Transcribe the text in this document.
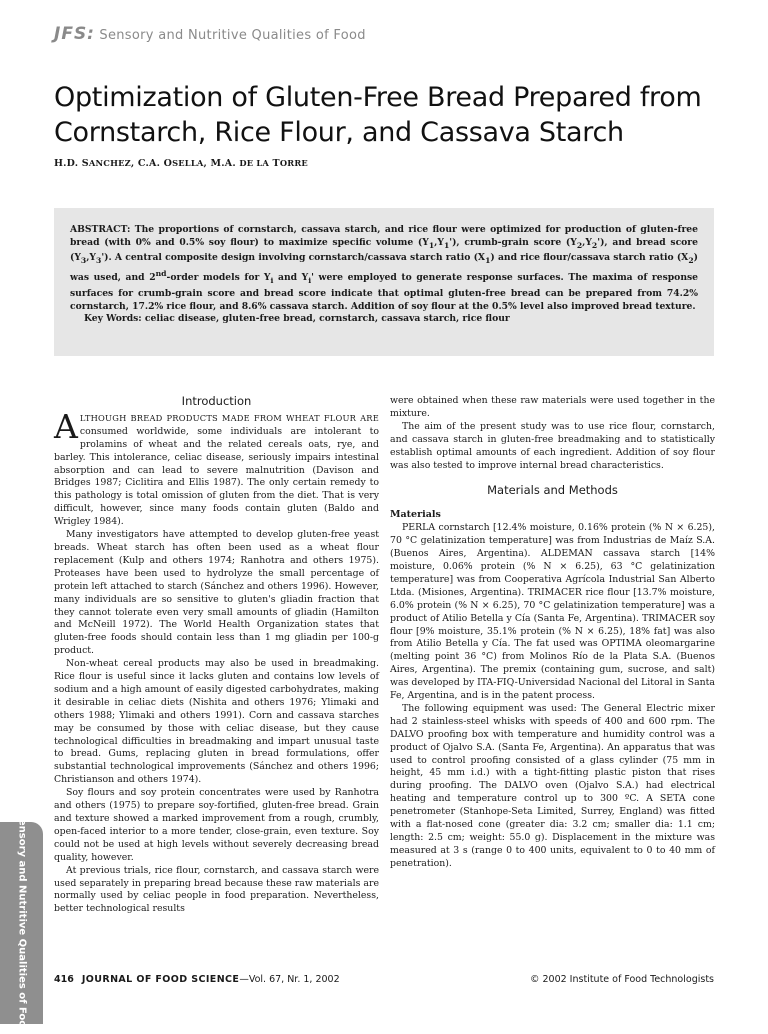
JFS: Sensory and Nutritive Qualities of Food
Optimization of Gluten-Free Bread Prepared from Cornstarch, Rice Flour, and Cassava Starch
H.D. SANCHEZ, C.A. OSELLA, M.A. DE LA TORRE

ABSTRACT: The proportions of cornstarch, cassava starch, and rice flour were optimized for production of gluten-free bread (with 0% and 0.5% soy flour) to maximize specific volume $(Y_1,Y_1')$, crumb-grain score $(Y_2,Y_2')$, and bread score $(Y_3,Y_3')$. A central composite design involving cornstarch/cassava starch ratio $(X_1)$ and rice flour/cassava starch ratio $(X_2)$ was used, and 2nd-order models for $Y_i$ and $Y_i'$ were employed to generate response surfaces. The maxima of response surfaces for crumb-grain score and bread score indicate that optimal gluten-free bread can be prepared from 74.2% cornstarch, 17.2% rice flour, and 8.6% cassava starch. Addition of soy flour at the 0.5% level also improved bread texture.

Key Words: celiac disease, gluten-free bread, cornstarch, cassava starch, rice flour

Introduction

ALTHOUGH BREAD PRODUCTS MADE FROM WHEAT FLOUR ARE consumed worldwide, some individuals are intolerant to prolamins of wheat and the related cereals oats, rye, and barley. This intolerance, celiac disease, seriously impairs intestinal absorption and can lead to severe malnutrition (Davison and Bridges 1987; Ciclitira and Ellis 1987). The only certain remedy to this pathology is total omission of gluten from the diet. That is very difficult, however, since many foods contain gluten (Baldo and Wrigley 1984).

Many investigators have attempted to develop gluten-free yeast breads. Wheat starch has often been used as a wheat flour replacement (Kulp and others 1974; Ranhotra and others 1975). Proteases have been used to hydrolyze the small percentage of protein left attached to starch (Sánchez and others 1996). However, many individuals are so sensitive to gluten's gliadin fraction that they cannot tolerate even very small amounts of gliadin (Hamilton and McNeill 1972). The World Health Organization states that gluten-free foods should contain less than 1 mg gliadin per 100-g product.

Non-wheat cereal products may also be used in breadmaking. Rice flour is useful since it lacks gluten and contains low levels of sodium and a high amount of easily digested carbohydrates, making it desirable in celiac diets (Nishita and others 1976; Ylimaki and others 1988; Ylimaki and others 1991). Corn and cassava starches may be consumed by those with celiac disease, but they cause technological difficulties in breadmaking and impart unusual taste to bread. Gums, replacing gluten in bread formulations, offer substantial technological improvements (Sánchez and others 1996; Christianson and others 1974).

Soy flours and soy protein concentrates were used by Ranhotra and others (1975) to prepare soy-fortified, gluten-free bread. Grain and texture showed a marked improvement from a rough, crumbly, open-faced interior to a more tender, close-grain, even texture. Soy could not be used at high levels without severely decreasing bread quality, however.

At previous trials, rice flour, cornstarch, and cassava starch were used separately in preparing bread because these raw materials are normally used by celiac people in food preparation. Nevertheless, better technological results

were obtained when these raw materials were used together in the mixture.

The aim of the present study was to use rice flour, cornstarch, and cassava starch in gluten-free breadmaking and to statistically establish optimal amounts of each ingredient. Addition of soy flour was also tested to improve internal bread characteristics.

Materials and Methods
Materials

PERLA cornstarch [12.4% moisture, 0.16% protein (% N × 6.25), 70 °C gelatinization temperature] was from Industrias de Maíz S.A. (Buenos Aires, Argentina). ALDEMAN cassava starch [14% moisture, 0.06% protein (% N × 6.25), 63 °C gelatinization temperature] was from Cooperativa Agrícola Industrial San Alberto Ltda. (Misiones, Argentina). TRIMACER rice flour [13.7% moisture, 6.0% protein (% N × 6.25), 70 °C gelatinization temperature] was a product of Atilio Betella y Cía (Santa Fe, Argentina). TRIMACER soy flour [9% moisture, 35.1% protein (% N × 6.25), 18% fat] was also from Atilio Betella y Cía. The fat used was OPTIMA oleomargarine (melting point 36 °C) from Molinos Río de la Plata S.A. (Buenos Aires, Argentina). The premix (containing gum, sucrose, and salt) was developed by ITA-FIQ-Universidad Nacional del Litoral in Santa Fe, Argentina, and is in the patent process.

The following equipment was used: The General Electric mixer had 2 stainless-steel whisks with speeds of 400 and 600 rpm. The DALVO proofing box with temperature and humidity control was a product of Ojalvo S.A. (Santa Fe, Argentina). An apparatus that was used to control proofing consisted of a glass cylinder (75 mm in height, 45 mm i.d.) with a tight-fitting plastic piston that rises during proofing. The DALVO oven (Ojalvo S.A.) had electrical heating and temperature control up to 300 ºC. A SETA cone penetrometer (Stanhope-Seta Limited, Surrey, England) was fitted with a flat-nosed cone (greater dia: 3.2 cm; smaller dia: 1.1 cm; length: 2.5 cm; weight: 55.0 g). Displacement in the mixture was measured at 3 s (range 0 to 400 units, equivalent to 0 to 40 mm of penetration).

416 JOURNAL OF FOOD SCIENCE—Vol. 67, Nr. 1, 2002	© 2002 Institute of Food Technologists
Sensory and Nutritive Qualities of Food
